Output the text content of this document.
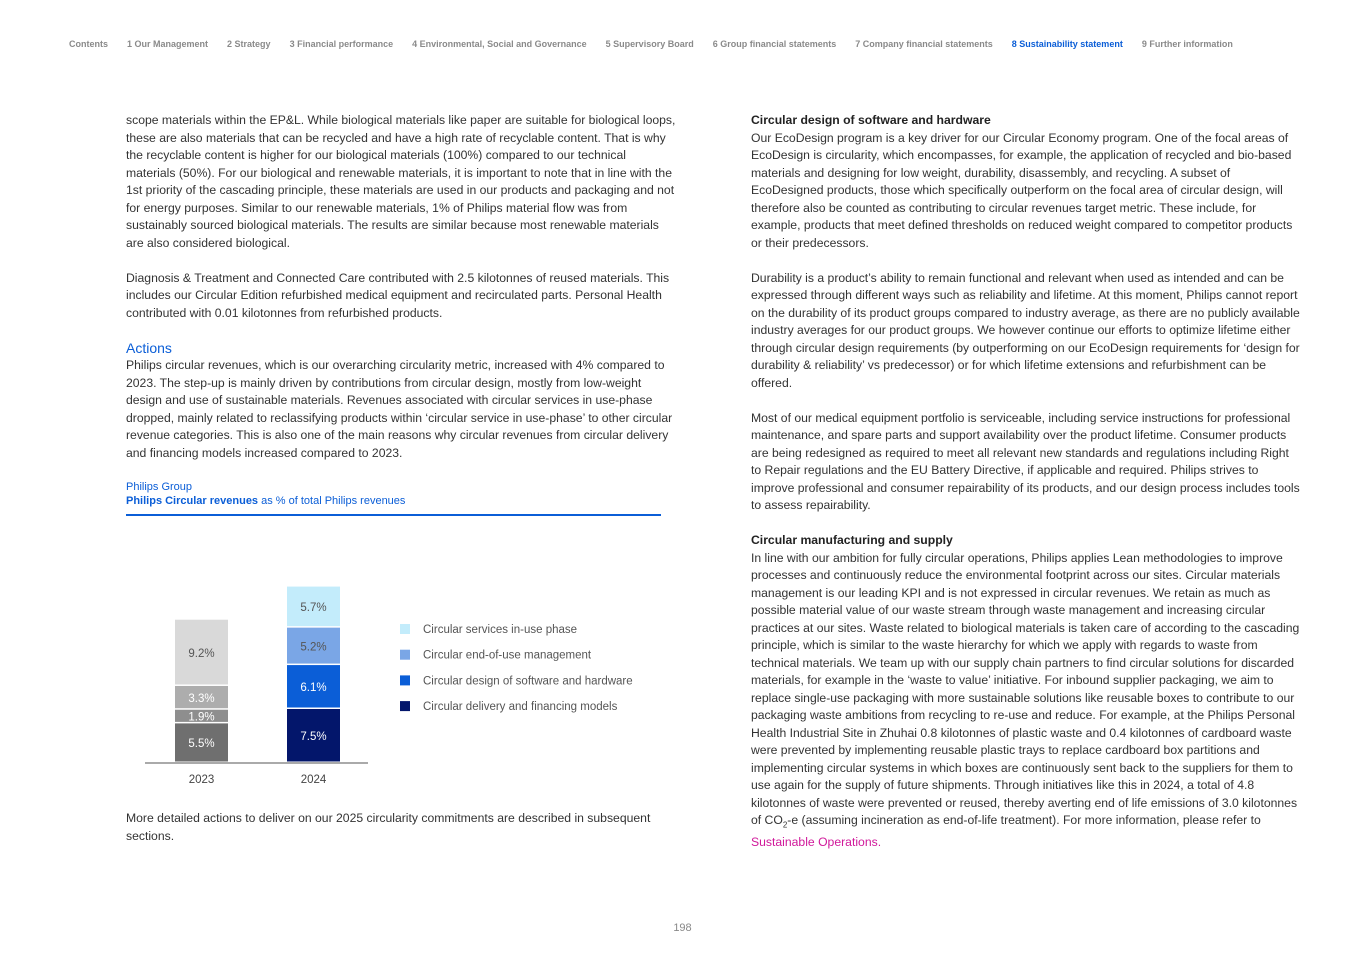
Contents 1 Our Management 2 Strategy 3 Financial performance 4 Environmental, Social and Governance 5 Supervisory Board 6 Group financial statements 7 Company financial statements 8 Sustainability statement 9 Further information

scope materials within the EP&L. While biological materials like paper are suitable for biological loops, these are also materials that can be recycled and have a high rate of recyclable content. That is why the recyclable content is higher for our biological materials (100%) compared to our technical materials (50%). For our biological and renewable materials, it is important to note that in line with the 1st priority of the cascading principle, these materials are used in our products and packaging and not for energy purposes. Similar to our renewable materials, 1% of Philips material flow was from sustainably sourced biological materials. The results are similar because most renewable materials are also considered biological.

Diagnosis & Treatment and Connected Care contributed with 2.5 kilotonnes of reused materials. This includes our Circular Edition refurbished medical equipment and recirculated parts. Personal Health contributed with 0.01 kilotonnes from refurbished products.

Actions

Philips circular revenues, which is our overarching circularity metric, increased with 4% compared to 2023. The step-up is mainly driven by contributions from circular design, mostly from low-weight design and use of sustainable materials. Revenues associated with circular services in use-phase dropped, mainly related to reclassifying products within ‘circular service in use-phase’ to other circular revenue categories. This is also one of the main reasons why circular revenues from circular delivery and financing models increased compared to 2023.

Philips Group
Philips Circular revenues as % of total Philips revenues
5.5%
1.9%
3.3%
9.2%
2023
7.5%
6.1%
5.2%
5.7%
2024
Circular services in-use phase
Circular end-of-use management
Circular design of software and hardware
Circular delivery and financing models
More detailed actions to deliver on our 2025 circularity commitments are described in subsequent sections.
Circular design of software and hardware

Our EcoDesign program is a key driver for our Circular Economy program. One of the focal areas of EcoDesign is circularity, which encompasses, for example, the application of recycled and bio-based materials and designing for low weight, durability, disassembly, and recycling. A subset of EcoDesigned products, those which specifically outperform on the focal area of circular design, will therefore also be counted as contributing to circular revenues target metric. These include, for example, products that meet defined thresholds on reduced weight compared to competitor products or their predecessors.

Durability is a product’s ability to remain functional and relevant when used as intended and can be expressed through different ways such as reliability and lifetime. At this moment, Philips cannot report on the durability of its product groups compared to industry average, as there are no publicly available industry averages for our product groups. We however continue our efforts to optimize lifetime either through circular design requirements (by outperforming on our EcoDesign requirements for ‘design for durability & reliability’ vs predecessor) or for which lifetime extensions and refurbishment can be offered.

Most of our medical equipment portfolio is serviceable, including service instructions for professional maintenance, and spare parts and support availability over the product lifetime. Consumer products are being redesigned as required to meet all relevant new standards and regulations including Right to Repair regulations and the EU Battery Directive, if applicable and required. Philips strives to improve professional and consumer repairability of its products, and our design process includes tools to assess repairability.

Circular manufacturing and supply

In line with our ambition for fully circular operations, Philips applies Lean methodologies to improve processes and continuously reduce the environmental footprint across our sites. Circular materials management is our leading KPI and is not expressed in circular revenues. We retain as much as possible material value of our waste stream through waste management and increasing circular practices at our sites. Waste related to biological materials is taken care of according to the cascading principle, which is similar to the waste hierarchy for which we apply with regards to waste from technical materials. We team up with our supply chain partners to find circular solutions for discarded materials, for example in the ‘waste to value’ initiative. For inbound supplier packaging, we aim to replace single-use packaging with more sustainable solutions like reusable boxes to contribute to our packaging waste ambitions from recycling to re-use and reduce. For example, at the Philips Personal Health Industrial Site in Zhuhai 0.8 kilotonnes of plastic waste and 0.4 kilotonnes of cardboard waste were prevented by implementing reusable plastic trays to replace cardboard box partitions and implementing circular systems in which boxes are continuously sent back to the suppliers for them to use again for the supply of future shipments. Through initiatives like this in 2024, a total of 4.8 kilotonnes of waste were prevented or reused, thereby averting end of life emissions of 3.0 kilotonnes of $CO_2-e$ (assuming incineration as end-of-life treatment). For more information, please refer to Sustainable Operations.

198
